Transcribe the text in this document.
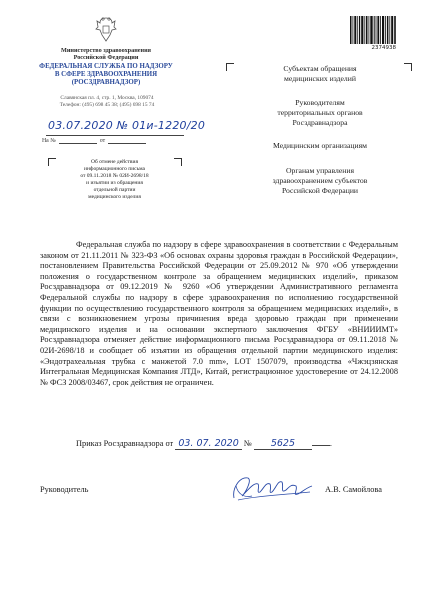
Министерство здравоохранения
Российской Федерации
ФЕДЕРАЛЬНАЯ СЛУЖБА ПО НАДЗОРУ
В СФЕРЕ ЗДРАВООХРАНЕНИЯ
(РОСЗДРАВНАДЗОР)
Славянская пл. 4, стр. 1, Москва, 109074
Телефон: (495) 698 45 38; (495) 698 15 74
03.07.2020 № 01и-1220/20
На №	от
Об отмене действия
информационного письма
от 09.11.2018 № 02И-2698/18
и изъятии из обращения
отдельной партии
медицинского изделия
2374938
Субъектам обращения
медицинских изделий
Руководителям
территориальных органов
Росздравнадзора
Медицинским организациям
Органам управления
здравоохранением субъектов
Российской Федерации

Федеральная служба по надзору в сфере здравоохранения в соответствии с Федеральным законом от 21.11.2011 № 323-ФЗ «Об основах охраны здоровья граждан в Российской Федерации», постановлением Правительства Российской Федерации от 25.09.2012 № 970 «Об утверждении положения о государственном контроле за обращением медицинских изделий», приказом Росздравнадзора от 09.12.2019 № 9260 «Об утверждении Административного регламента Федеральной службы по надзору в сфере здравоохранения по исполнению государственной функции по осуществлению государственного контроля за обращением медицинских изделий», в связи с возникновением угрозы причинения вреда здоровью граждан при применении медицинского изделия и на основании экспертного заключения ФГБУ «ВНИИИМТ» Росздравнадзора отменяет действие информационного письма Росздравнадзора от 09.11.2018 № 02И-2698/18 и сообщает об изъятии из обращения отдельной партии медицинского изделия: «Эндотрахеальная трубка с манжетой 7.0 mm», LOT 1507079, производства «Чжэцзянская Интегральная Медицинская Компания ЛТД», Китай, регистрационное удостоверение от 24.12.2008 № ФСЗ 2008/03467, срок действия не ограничен.

Приказ Росздравнадзора от 03. 07. 2020 № 5625	.
Руководитель	А.В. Самойлова
